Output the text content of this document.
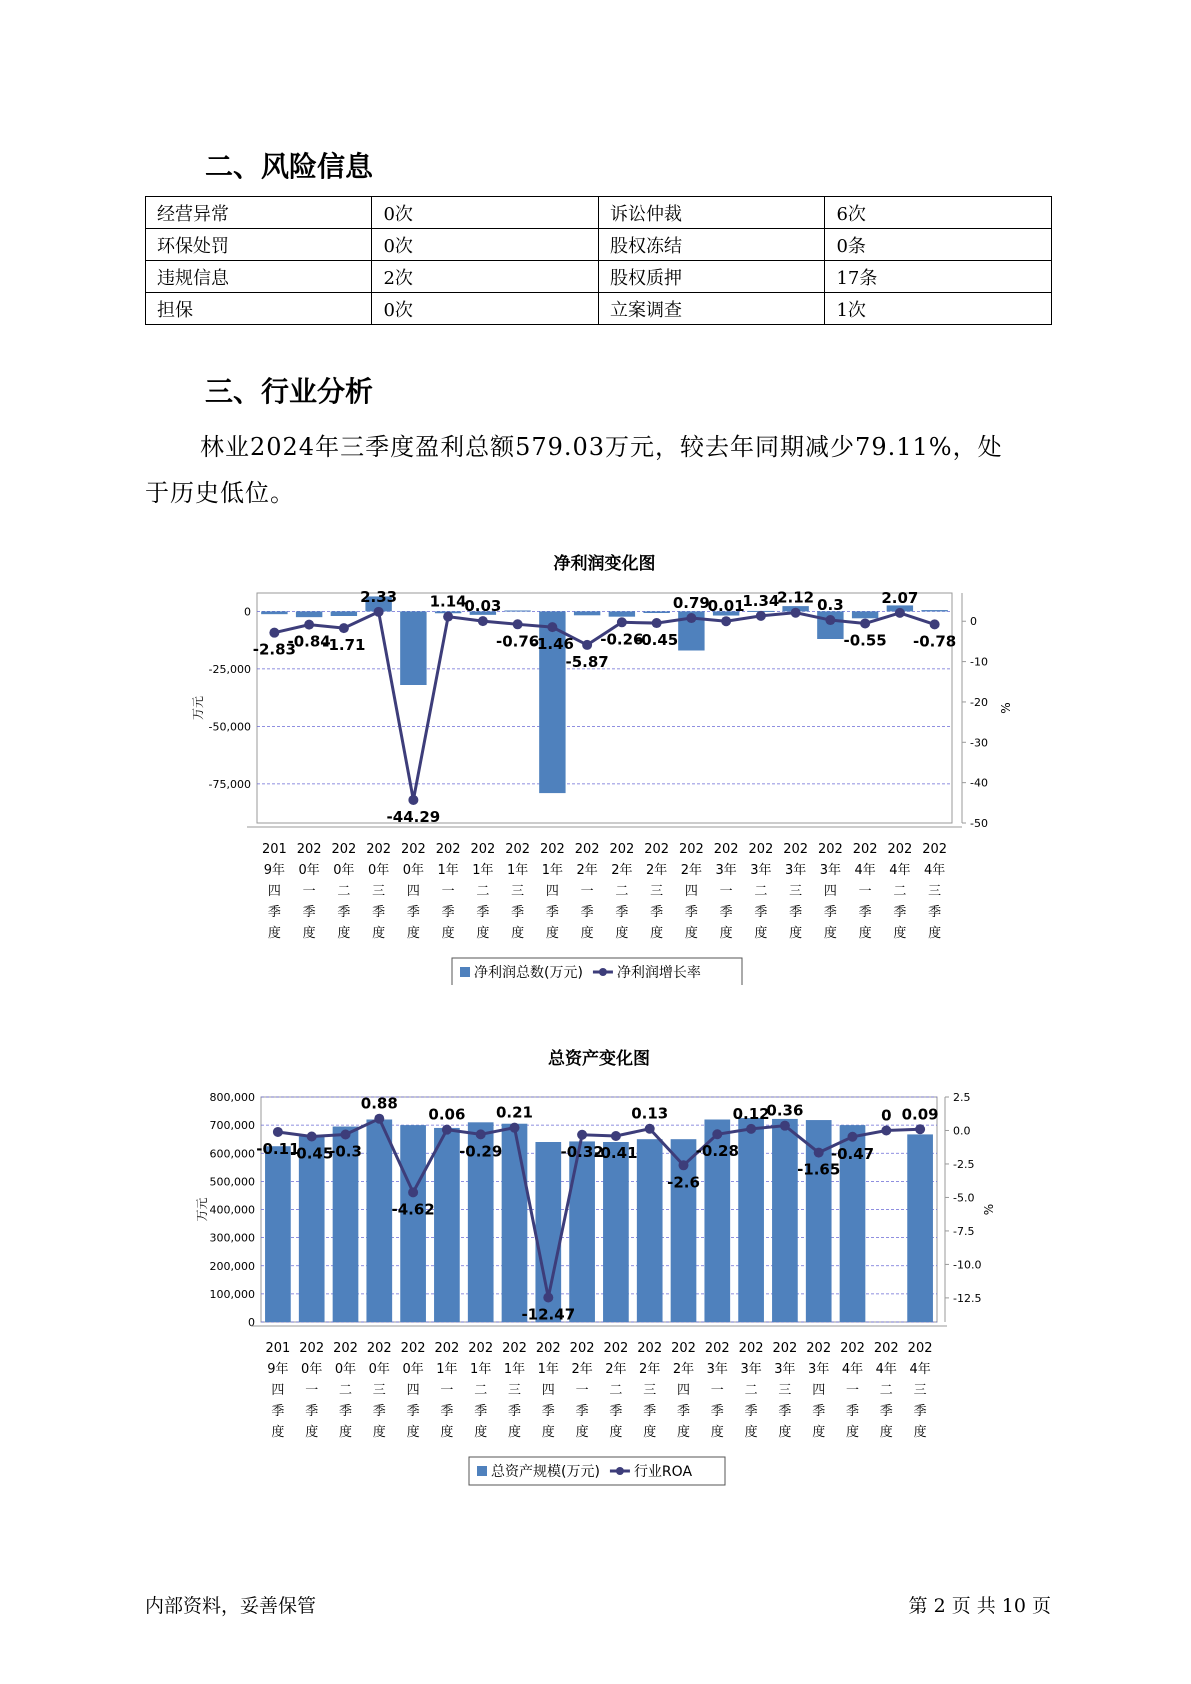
二、风险信息
经营异常	0次	诉讼仲裁	6次
环保处罚	0次	股权冻结	0条
违规信息	2次	股权质押	17条
担保	0次	立案调查	1次
三、行业分析
林业2024年三季度盈利总额579.03万元，较去年同期减少79.11%，处
于历史低位。
净利润变化图
0
-25,000
-50,000
-75,000
0
-10
-20
-30
-40
-50
万元	%
-2.83
-0.84
-1.71
2.33
-44.29
1.14
0.03
-0.76
-1.46
-5.87
-0.26
-0.45
0.79
0.01
1.34
2.12 0.3
-0.55
2.07
-0.78
201 9年四季度
202 0年一季度
202 0年二季度
202 0年三季度
202 0年四季度
202 1年一季度
202 1年二季度
202 1年三季度
202 1年四季度
202 2年一季度
202 2年二季度
202 2年三季度
202 2年四季度
202 3年一季度
202 3年二季度
202 3年三季度
202 3年四季度
202 4年一季度
202 4年二季度
202 4年三季度
净利润总数(万元) 净利润增长率
总资产变化图
0
100,000
200,000
300,000
400,000
500,000
600,000
700,000
800,000	2.5
0.0
-2.5
-5.0
-7.5
-10.0
-12.5
万元	%
-0.11
-0.45
-0.3
0.88
-4.62
0.06
-0.29
0.21
-12.47
-0.32
-0.41
0.13
-2.6
-0.28
0.12
0.36
-1.65
-0.47
0 0.09
201 9年四季度
202 0年一季度
202 0年二季度
202 0年三季度
202 0年四季度
202 1年一季度
202 1年二季度
202 1年三季度
202 1年四季度
202 2年一季度
202 2年二季度
202 2年三季度
202 2年四季度
202 3年一季度
202 3年二季度
202 3年三季度
202 3年四季度
202 4年一季度
202 4年二季度
202 4年三季度
总资产规模(万元) 行业ROA
内部资料，妥善保管	第 2 页 共 10 页
